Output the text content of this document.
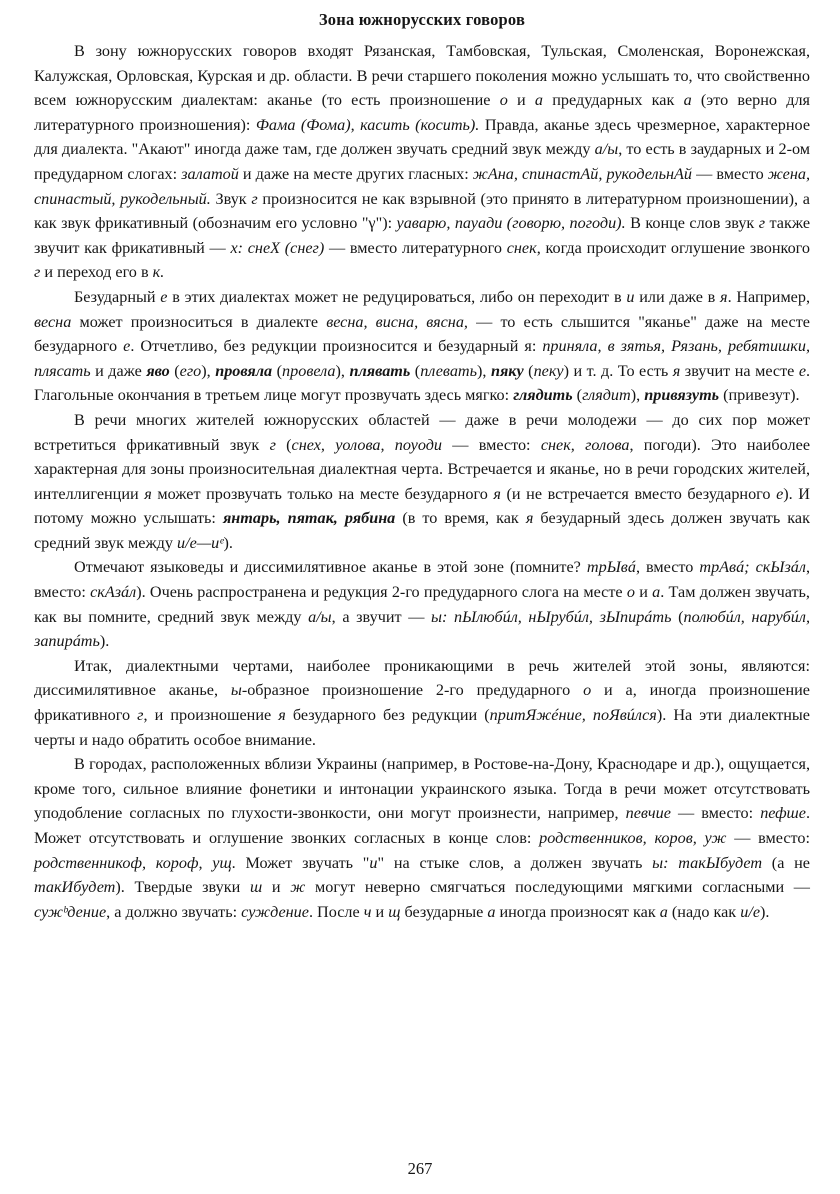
Зона южнорусских говоров

В зону южнорусских говоров входят Рязанская, Тамбовская, Тульская, Смоленская, Воронежская, Калужская, Орловская, Курская и др. области. В речи старшего поколения можно услышать то, что свойственно всем южнорусским диалектам: аканье (то есть произношение о и а предударных как а (это верно для литературного произношения): Фама (Фома), касить (косить). Правда, аканье здесь чрезмерное, характерное для диалекта. "Акают" иногда даже там, где должен звучать средний звук между а/ы, то есть в заударных и 2-ом предударном слогах: залатой и даже на месте других гласных: жАна, спинастАй, рукодельнАй — вместо жена, спинастый, рукодельный. Звук г произносится не как взрывной (это принято в литературном произношении), а как звук фрикативный (обозначим его условно "γ"): уаварю, пауади (говорю, погоди). В конце слов звук г также звучит как фрикативный — х: снеХ (снег) — вместо литературного снек, когда происходит оглушение звонкого г и переход его в к.

Безударный е в этих диалектах может не редуцироваться, либо он переходит в и или даже в я. Например, весна может произноситься в диалекте весна, виснa, вясна, — то есть слышится "яканье" даже на месте безударного е. Отчетливо, без редукции произносится и безударный я: приняла, в зятья, Рязань, ребятишки, плясать и даже яво (его), провяла (провела), плявать (плевать), пяку (пеку) и т. д. То есть я звучит на месте е. Глагольные окончания в третьем лице могут прозвучать здесь мягко: глядить (глядит), привязуть (привезут).

В речи многих жителей южнорусских областей — даже в речи молодежи — до сих пор может встретиться фрикативный звук г (снех, уолова, поуоди — вместо: снек, голова, погоди). Это наиболее характерная для зоны произносительная диалектная черта. Встречается и яканье, но в речи городских жителей, интеллигенции я может прозвучать только на месте безударного я (и не встречается вместо безударного е). И потому можно услышать: янтарь, пятак, рябина (в то время, как я безударный здесь должен звучать как средний звук между и/е—иᵉ).

Отмечают языковеды и диссимилятивное аканье в этой зоне (помните? трЫвá, вместо трАвá; скЫзáл, вместо: скАзáл). Очень распространена и редукция 2-го предударного слога на месте о и а. Там должен звучать, как вы помните, средний звук между а/ы, а звучит — ы: пЫлюбúл, нЫрубúл, зЫпирáть (полюбúл, нарубúл, запирáть).

Итак, диалектными чертами, наиболее проникающими в речь жителей этой зоны, являются: диссимилятивное аканье, ы-образное произношение 2-го предударного о и а, иногда произношение фрикативного г, и произношение я безударного без редукции (притЯжéние, поЯвúлся). На эти диалектные черты и надо обратить особое внимание.

В городах, расположенных вблизи Украины (например, в Ростове-на-Дону, Краснодаре и др.), ощущается, кроме того, сильное влияние фонетики и интонации украинского языка. Тогда в речи может отсутствовать уподобление согласных по глухости-звонкости, они могут произнести, например, певчие — вместо: пефше. Может отсутствовать и оглушение звонких согласных в конце слов: родственников, коров, уж — вместо: родственникоф, короф, ущ. Может звучать "и" на стыке слов, а должен звучать ы: такЫбудет (а не такИбудет). Твердые звуки ш и ж могут неверно смягчаться последующими мягкими согласными — сужᵇдение, а должно звучать: суждение. После ч и щ безударные а иногда произносят как а (надо как и/е).

267
